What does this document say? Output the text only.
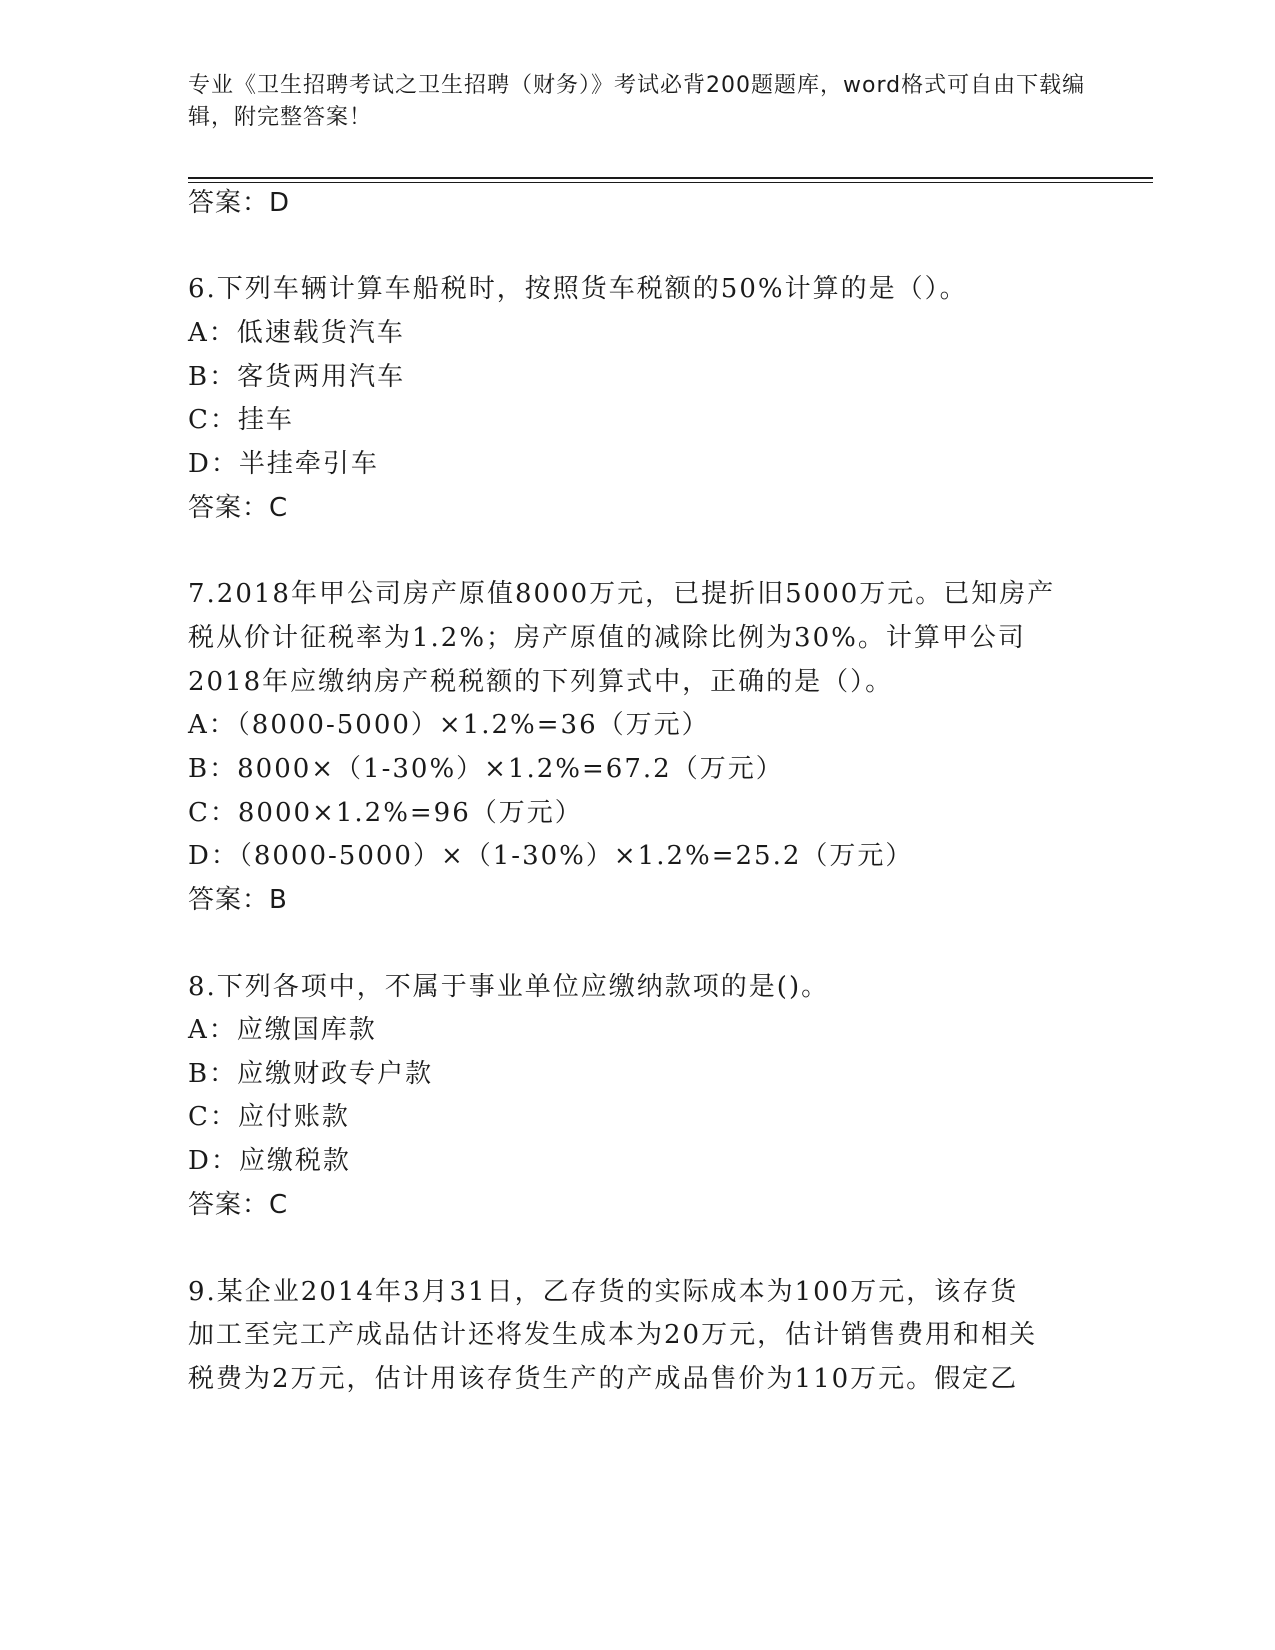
专业《卫生招聘考试之卫生招聘（财务）》考试必背200题题库，word格式可自由下载编辑，附完整答案！
答案：D
6.下列车辆计算车船税时，按照货车税额的50%计算的是（）。
A：低速载货汽车
B：客货两用汽车
C：挂车
D：半挂牵引车
答案：C
7.2018年甲公司房产原值8000万元，已提折旧5000万元。已知房产
税从价计征税率为1.2%；房产原值的减除比例为30%。计算甲公司
2018年应缴纳房产税税额的下列算式中，正确的是（）。
A：（8000-5000）×1.2%=36（万元）
B：8000×（1-30%）×1.2%=67.2（万元）
C：8000×1.2%=96（万元）
D：（8000-5000）×（1-30%）×1.2%=25.2（万元）
答案：B
8.下列各项中，不属于事业单位应缴纳款项的是()。
A：应缴国库款
B：应缴财政专户款
C：应付账款
D：应缴税款
答案：C
9.某企业2014年3月31日，乙存货的实际成本为100万元，该存货
加工至完工产成品估计还将发生成本为20万元，估计销售费用和相关
税费为2万元，估计用该存货生产的产成品售价为110万元。假定乙
